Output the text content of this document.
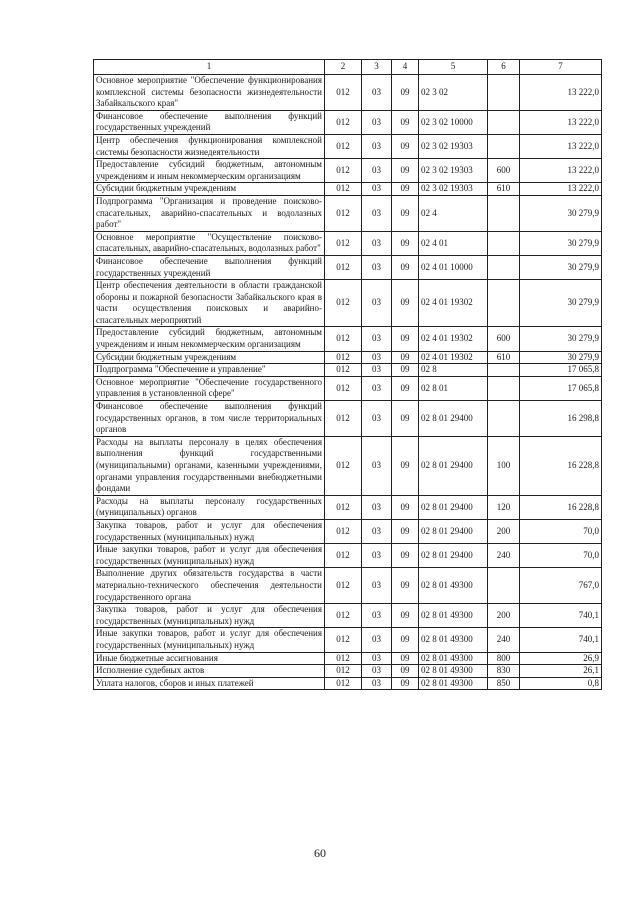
1	2	3	4	5	6	7
Основное мероприятие "Обеспечение функционирования комплексной системы безопасности жизнедеятельности Забайкальского края"	012	03	09	02 3 02		13 222,0
Финансовое обеспечение выполнения функций государственных учреждений	012	03	09	02 3 02 10000		13 222,0
Центр обеспечения функционирования комплексной системы безопасности жизнедеятельности	012	03	09	02 3 02 19303		13 222,0
Предоставление субсидий бюджетным, автономным учреждениям и иным некоммерческим организациям	012	03	09	02 3 02 19303	600	13 222,0
Субсидии бюджетным учреждениям	012	03	09	02 3 02 19303	610	13 222,0
Подпрограмма "Организация и проведение поисково-спасательных, аварийно-спасательных и водолазных работ"	012	03	09	02 4		30 279,9
Основное мероприятие "Осуществление поисково-спасательных, аварийно-спасательных, водолазных работ"	012	03	09	02 4 01		30 279,9
Финансовое обеспечение выполнения функций государственных учреждений	012	03	09	02 4 01 10000		30 279,9
Центр обеспечения деятельности в области гражданской обороны и пожарной безопасности Забайкальского края в части осуществления поисковых и аварийно-спасательных мероприятий	012	03	09	02 4 01 19302		30 279,9
Предоставление субсидий бюджетным, автономным учреждениям и иным некоммерческим организациям	012	03	09	02 4 01 19302	600	30 279,9
Субсидии бюджетным учреждениям	012	03	09	02 4 01 19302	610	30 279,9
Подпрограмма "Обеспечение и управление"	012	03	09	02 8		17 065,8
Основное мероприятие "Обеспечение государственного управления в установленной сфере"	012	03	09	02 8 01		17 065,8
Финансовое обеспечение выполнения функций государственных органов, в том числе территориальных органов	012	03	09	02 8 01 29400		16 298,8
Расходы на выплаты персоналу в целях обеспечения выполнения функций государственными (муниципальными) органами, казенными учреждениями, органами управления государственными внебюджетными фондами	012	03	09	02 8 01 29400	100	16 228,8
Расходы на выплаты персоналу государственных (муниципальных) органов	012	03	09	02 8 01 29400	120	16 228,8
Закупка товаров, работ и услуг для обеспечения государственных (муниципальных) нужд	012	03	09	02 8 01 29400	200	70,0
Иные закупки товаров, работ и услуг для обеспечения государственных (муниципальных) нужд	012	03	09	02 8 01 29400	240	70,0
Выполнение других обязательств государства в части материально-технического обеспечения деятельности государственного органа	012	03	09	02 8 01 49300		767,0
Закупка товаров, работ и услуг для обеспечения государственных (муниципальных) нужд	012	03	09	02 8 01 49300	200	740,1
Иные закупки товаров, работ и услуг для обеспечения государственных (муниципальных) нужд	012	03	09	02 8 01 49300	240	740,1
Иные бюджетные ассигнования	012	03	09	02 8 01 49300	800	26,9
Исполнение судебных актов	012	03	09	02 8 01 49300	830	26,1
Уплата налогов, сборов и иных платежей	012	03	09	02 8 01 49300	850	0,8
60
